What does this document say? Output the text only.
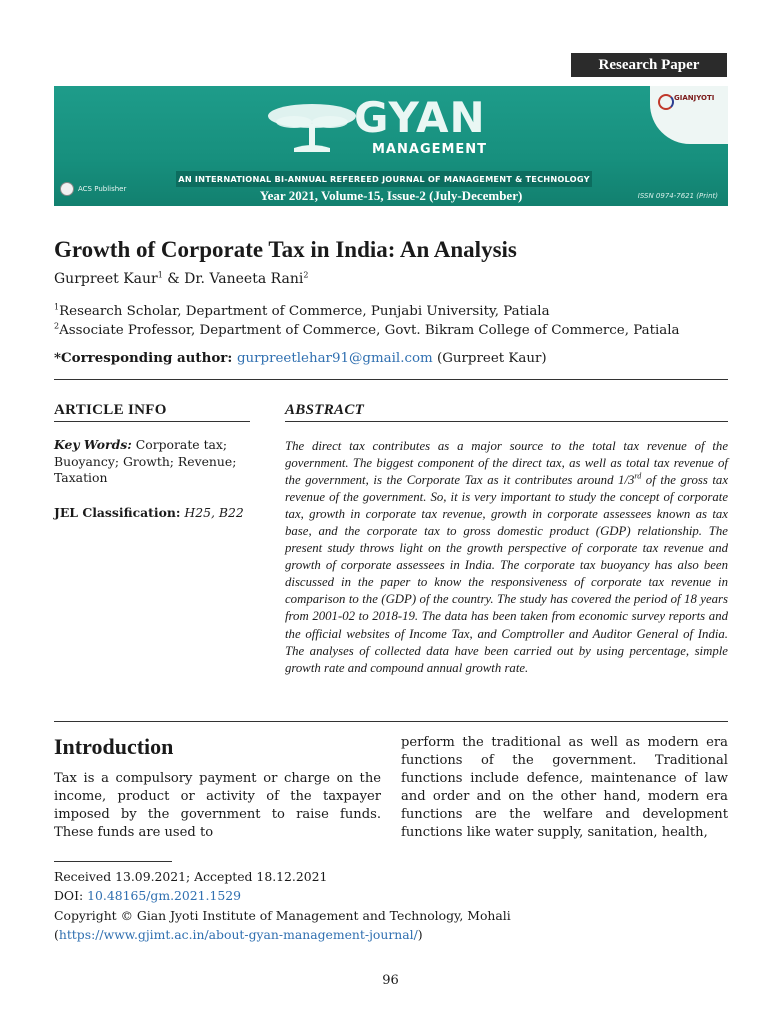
Research Paper
GYAN
MANAGEMENT
AN INTERNATIONAL BI-ANNUAL REFEREED JOURNAL OF MANAGEMENT & TECHNOLOGY
Year 2021, Volume-15, Issue-2 (July-December)	ISSN 0974-7621 (Print)
ACS Publisher
GIANJYOTI
Growth of Corporate Tax in India: An Analysis
Gurpreet Kaur$^1$ & Dr. Vaneeta Rani$^2$
$^1$Research Scholar, Department of Commerce, Punjabi University, Patiala
$^2$Associate Professor, Department of Commerce, Govt. Bikram College of Commerce, Patiala
*Corresponding author: gurpreetlehar91@gmail.com (Gurpreet Kaur)
ARTICLE INFO
Key Words: Corporate tax;
Buoyancy; Growth; Revenue;
Taxation
JEL Classification: H25, B22
ABSTRACT
The direct tax contributes as a major source to the total tax revenue of the government. The biggest component of the direct tax, as well as total tax revenue of the government, is the Corporate Tax as it contributes around 1/3rd of the gross tax revenue of the government. So, it is very important to study the concept of corporate tax, growth in corporate tax revenue, growth in corporate assessees known as tax base, and the corporate tax to gross domestic product (GDP) relationship. The present study throws light on the growth perspective of corporate tax revenue and growth of corporate assessees in India. The corporate tax buoyancy has also been discussed in the paper to know the responsiveness of corporate tax revenue in comparison to the (GDP) of the country. The study has covered the period of 18 years from 2001-02 to 2018-19. The data has been taken from economic survey reports and the official websites of Income Tax, and Comptroller and Auditor General of India. The analyses of collected data have been carried out by using percentage, simple growth rate and compound annual growth rate.
Introduction
Tax is a compulsory payment or charge on the income, product or activity of the taxpayer imposed by the government to raise funds. These funds are used to
perform the traditional as well as modern era functions of the government. Traditional functions include defence, maintenance of law and order and on the other hand, modern era functions are the welfare and development functions like water supply, sanitation, health,
Received 13.09.2021; Accepted 18.12.2021
DOI: 10.48165/gm.2021.1529
Copyright © Gian Jyoti Institute of Management and Technology, Mohali
(https://www.gjimt.ac.in/about-gyan-management-journal/)
96
